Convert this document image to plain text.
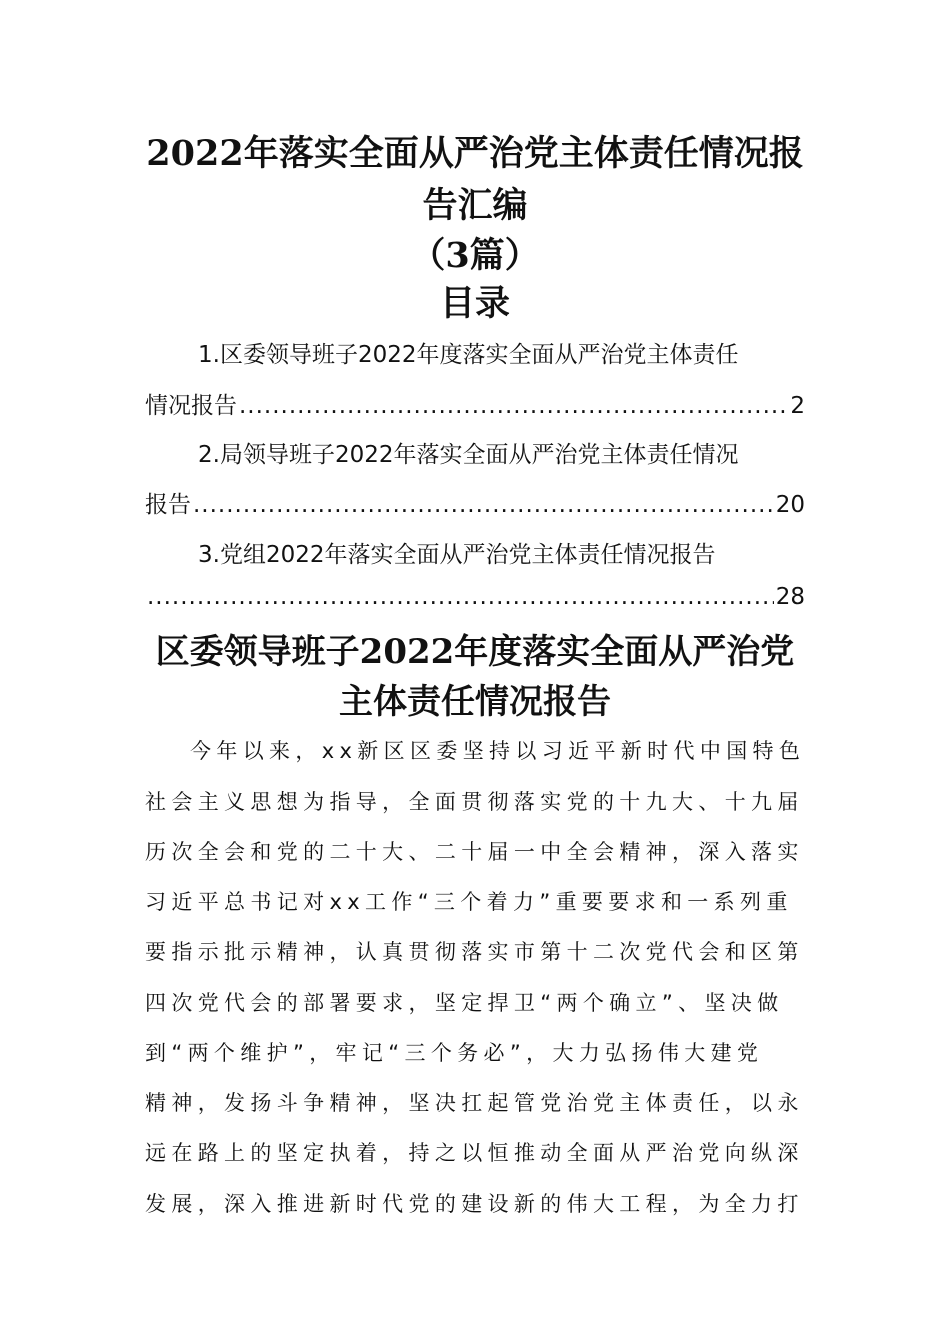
2022年落实全面从严治党主体责任情况报
告汇编
（3篇）
目录
1.区委领导班子2022年度落实全面从严治党主体责任
情况报告 .....	2
2.局领导班子2022年落实全面从严治党主体责任情况
报告 .....	20
3.党组2022年落实全面从严治党主体责任情况报告
.....
28
区委领导班子2022年度落实全面从严治党
主体责任情况报告
今年以来，xx新区区委坚持以习近平新时代中国特色
社会主义思想为指导，全面贯彻落实党的十九大、十九届
历次全会和党的二十大、二十届一中全会精神，深入落实
习近平总书记对xx工作“三个着力”重要要求和一系列重
要指示批示精神，认真贯彻落实市第十二次党代会和区第
四次党代会的部署要求，坚定捍卫“两个确立”、坚决做
到“两个维护”，牢记“三个务必”，大力弘扬伟大建党
精神，发扬斗争精神，坚决扛起管党治党主体责任，以永
远在路上的坚定执着，持之以恒推动全面从严治党向纵深
发展，深入推进新时代党的建设新的伟大工程，为全力打
